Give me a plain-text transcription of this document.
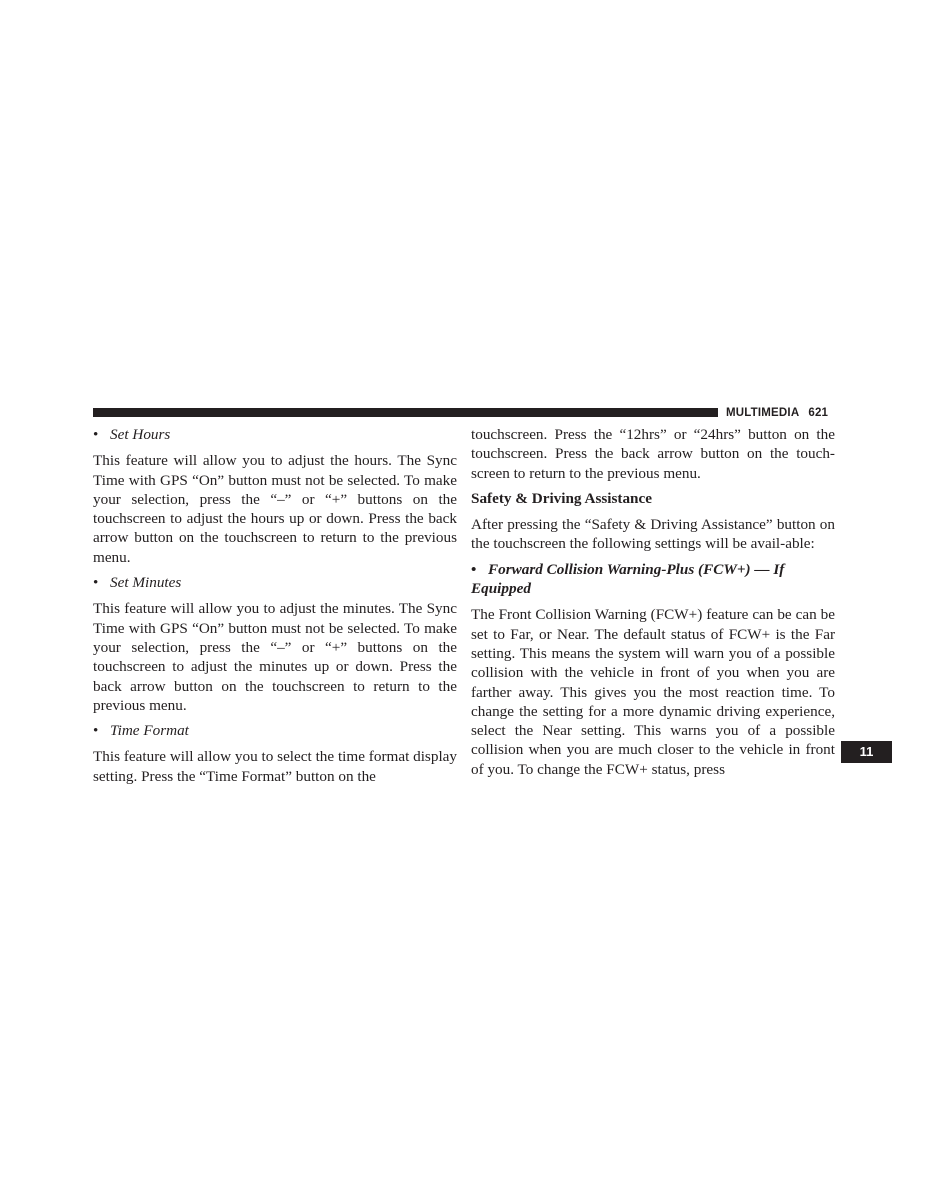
MULTIMEDIA 621
• Set Hours

This feature will allow you to adjust the hours. The Sync Time with GPS “On” button must not be selected. To make your selection, press the “–” or “+” buttons on the touchscreen to adjust the hours up or down. Press the back arrow button on the touchscreen to return to the previous menu.

• Set Minutes

This feature will allow you to adjust the minutes. The Sync Time with GPS “On” button must not be selected. To make your selection, press the “–” or “+” buttons on the touchscreen to adjust the minutes up or down. Press the back arrow button on the touchscreen to return to the previous menu.

• Time Format

This feature will allow you to select the time format display setting. Press the “Time Format” button on the

touchscreen. Press the “12hrs” or “24hrs” button on the touchscreen. Press the back arrow button on the touch-screen to return to the previous menu.

Safety & Driving Assistance

After pressing the “Safety & Driving Assistance” button on the touchscreen the following settings will be avail-able:

• Forward Collision Warning-Plus (FCW+) — If Equipped

The Front Collision Warning (FCW+) feature can be can be set to Far, or Near. The default status of FCW+ is the Far setting. This means the system will warn you of a possible collision with the vehicle in front of you when you are farther away. This gives you the most reaction time. To change the setting for a more dynamic driving experience, select the Near setting. This warns you of a possible collision when you are much closer to the vehicle in front of you. To change the FCW+ status, press

11
